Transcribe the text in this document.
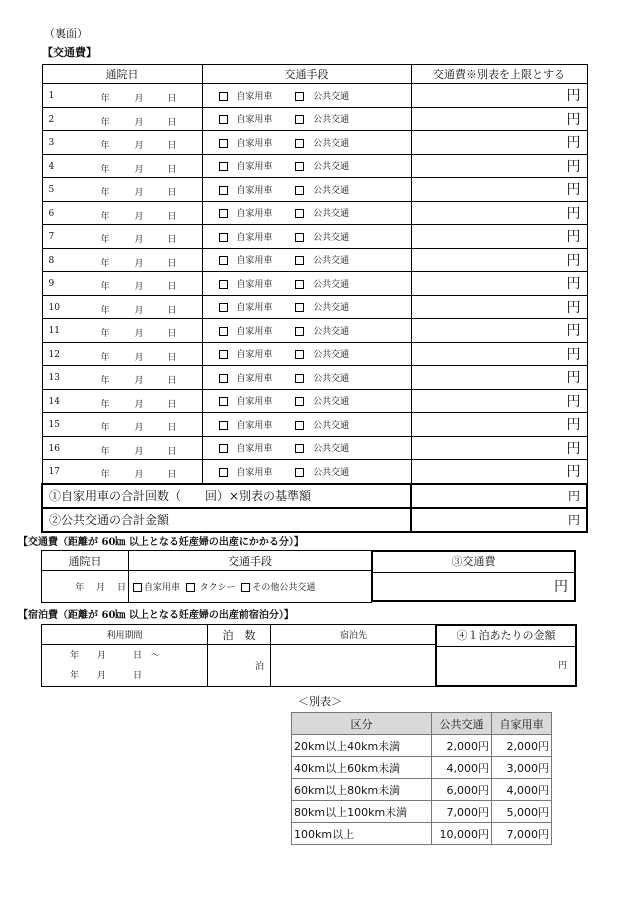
（裏面）
【交通費】
通院日	交通手段	交通費※別表を上限とする

1 年 月 日	自家用車 公共交通	円

2 年 月 日	自家用車 公共交通	円

3 年 月 日	自家用車 公共交通	円

4 年 月 日	自家用車 公共交通	円

5 年 月 日	自家用車 公共交通	円

6 年 月 日	自家用車 公共交通	円

7 年 月 日	自家用車 公共交通	円

8 年 月 日	自家用車 公共交通	円

9 年 月 日	自家用車 公共交通	円

10 年 月 日	自家用車 公共交通	円

11 年 月 日	自家用車 公共交通	円

12 年 月 日	自家用車 公共交通	円

13 年 月 日	自家用車 公共交通	円

14 年 月 日	自家用車 公共交通	円

15 年 月 日	自家用車 公共交通	円

16 年 月 日	自家用車 公共交通	円

17 年 月 日	自家用車 公共交通	円
①自家用車の合計回数（　　回）×別表の基準額		円
②公共交通の合計金額		円
【交通費（距離が 60㎞ 以上となる妊産婦の出産にかかる分）】
通院日	交通手段
年　 月　 日	自家用車 タクシー その他公共交通
③交通費
円
【宿泊費（距離が 60㎞ 以上となる妊産婦の出産前宿泊分）】
利用期間	泊　数	宿泊先

年　　月　　　日　～
年　　月　　　日	泊	
④１泊あたりの金額
円
＜別表＞
区分	公共交通	自家用車
20km以上40km未満	2,000円	2,000円
40km以上60km未満	4,000円	3,000円
60km以上80km未満	6,000円	4,000円
80km以上100km未満	7,000円	5,000円
100km以上	10,000円	7,000円
